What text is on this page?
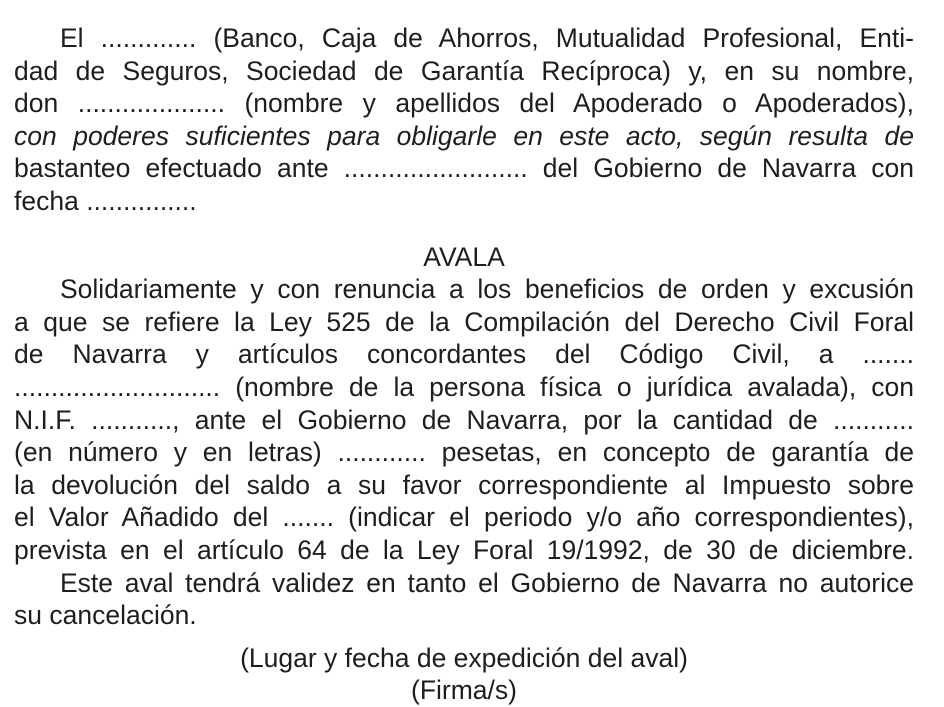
El ............. (Banco, Caja de Ahorros, Mutualidad Profesional, Enti-
dad de Seguros, Sociedad de Garantía Recíproca) y, en su nombre,
don .................... (nombre y apellidos del Apoderado o Apoderados),
con poderes suficientes para obligarle en este acto, según resulta de
bastanteo efectuado ante ......................... del Gobierno de Navarra con
fecha ...............

AVALA

Solidariamente y con renuncia a los beneficios de orden y excusión
a que se refiere la Ley 525 de la Compilación del Derecho Civil Foral
de Navarra y artículos concordantes del Código Civil, a .......
............................ (nombre de la persona física o jurídica avalada), con
N.I.F. ..........., ante el Gobierno de Navarra, por la cantidad de ...........
(en número y en letras) ............ pesetas, en concepto de garantía de
la devolución del saldo a su favor correspondiente al Impuesto sobre
el Valor Añadido del ....... (indicar el periodo y/o año correspondientes),
prevista en el artículo 64 de la Ley Foral 19/1992, de 30 de diciembre.
Este aval tendrá validez en tanto el Gobierno de Navarra no autorice
su cancelación.

(Lugar y fecha de expedición del aval)

(Firma/s)
